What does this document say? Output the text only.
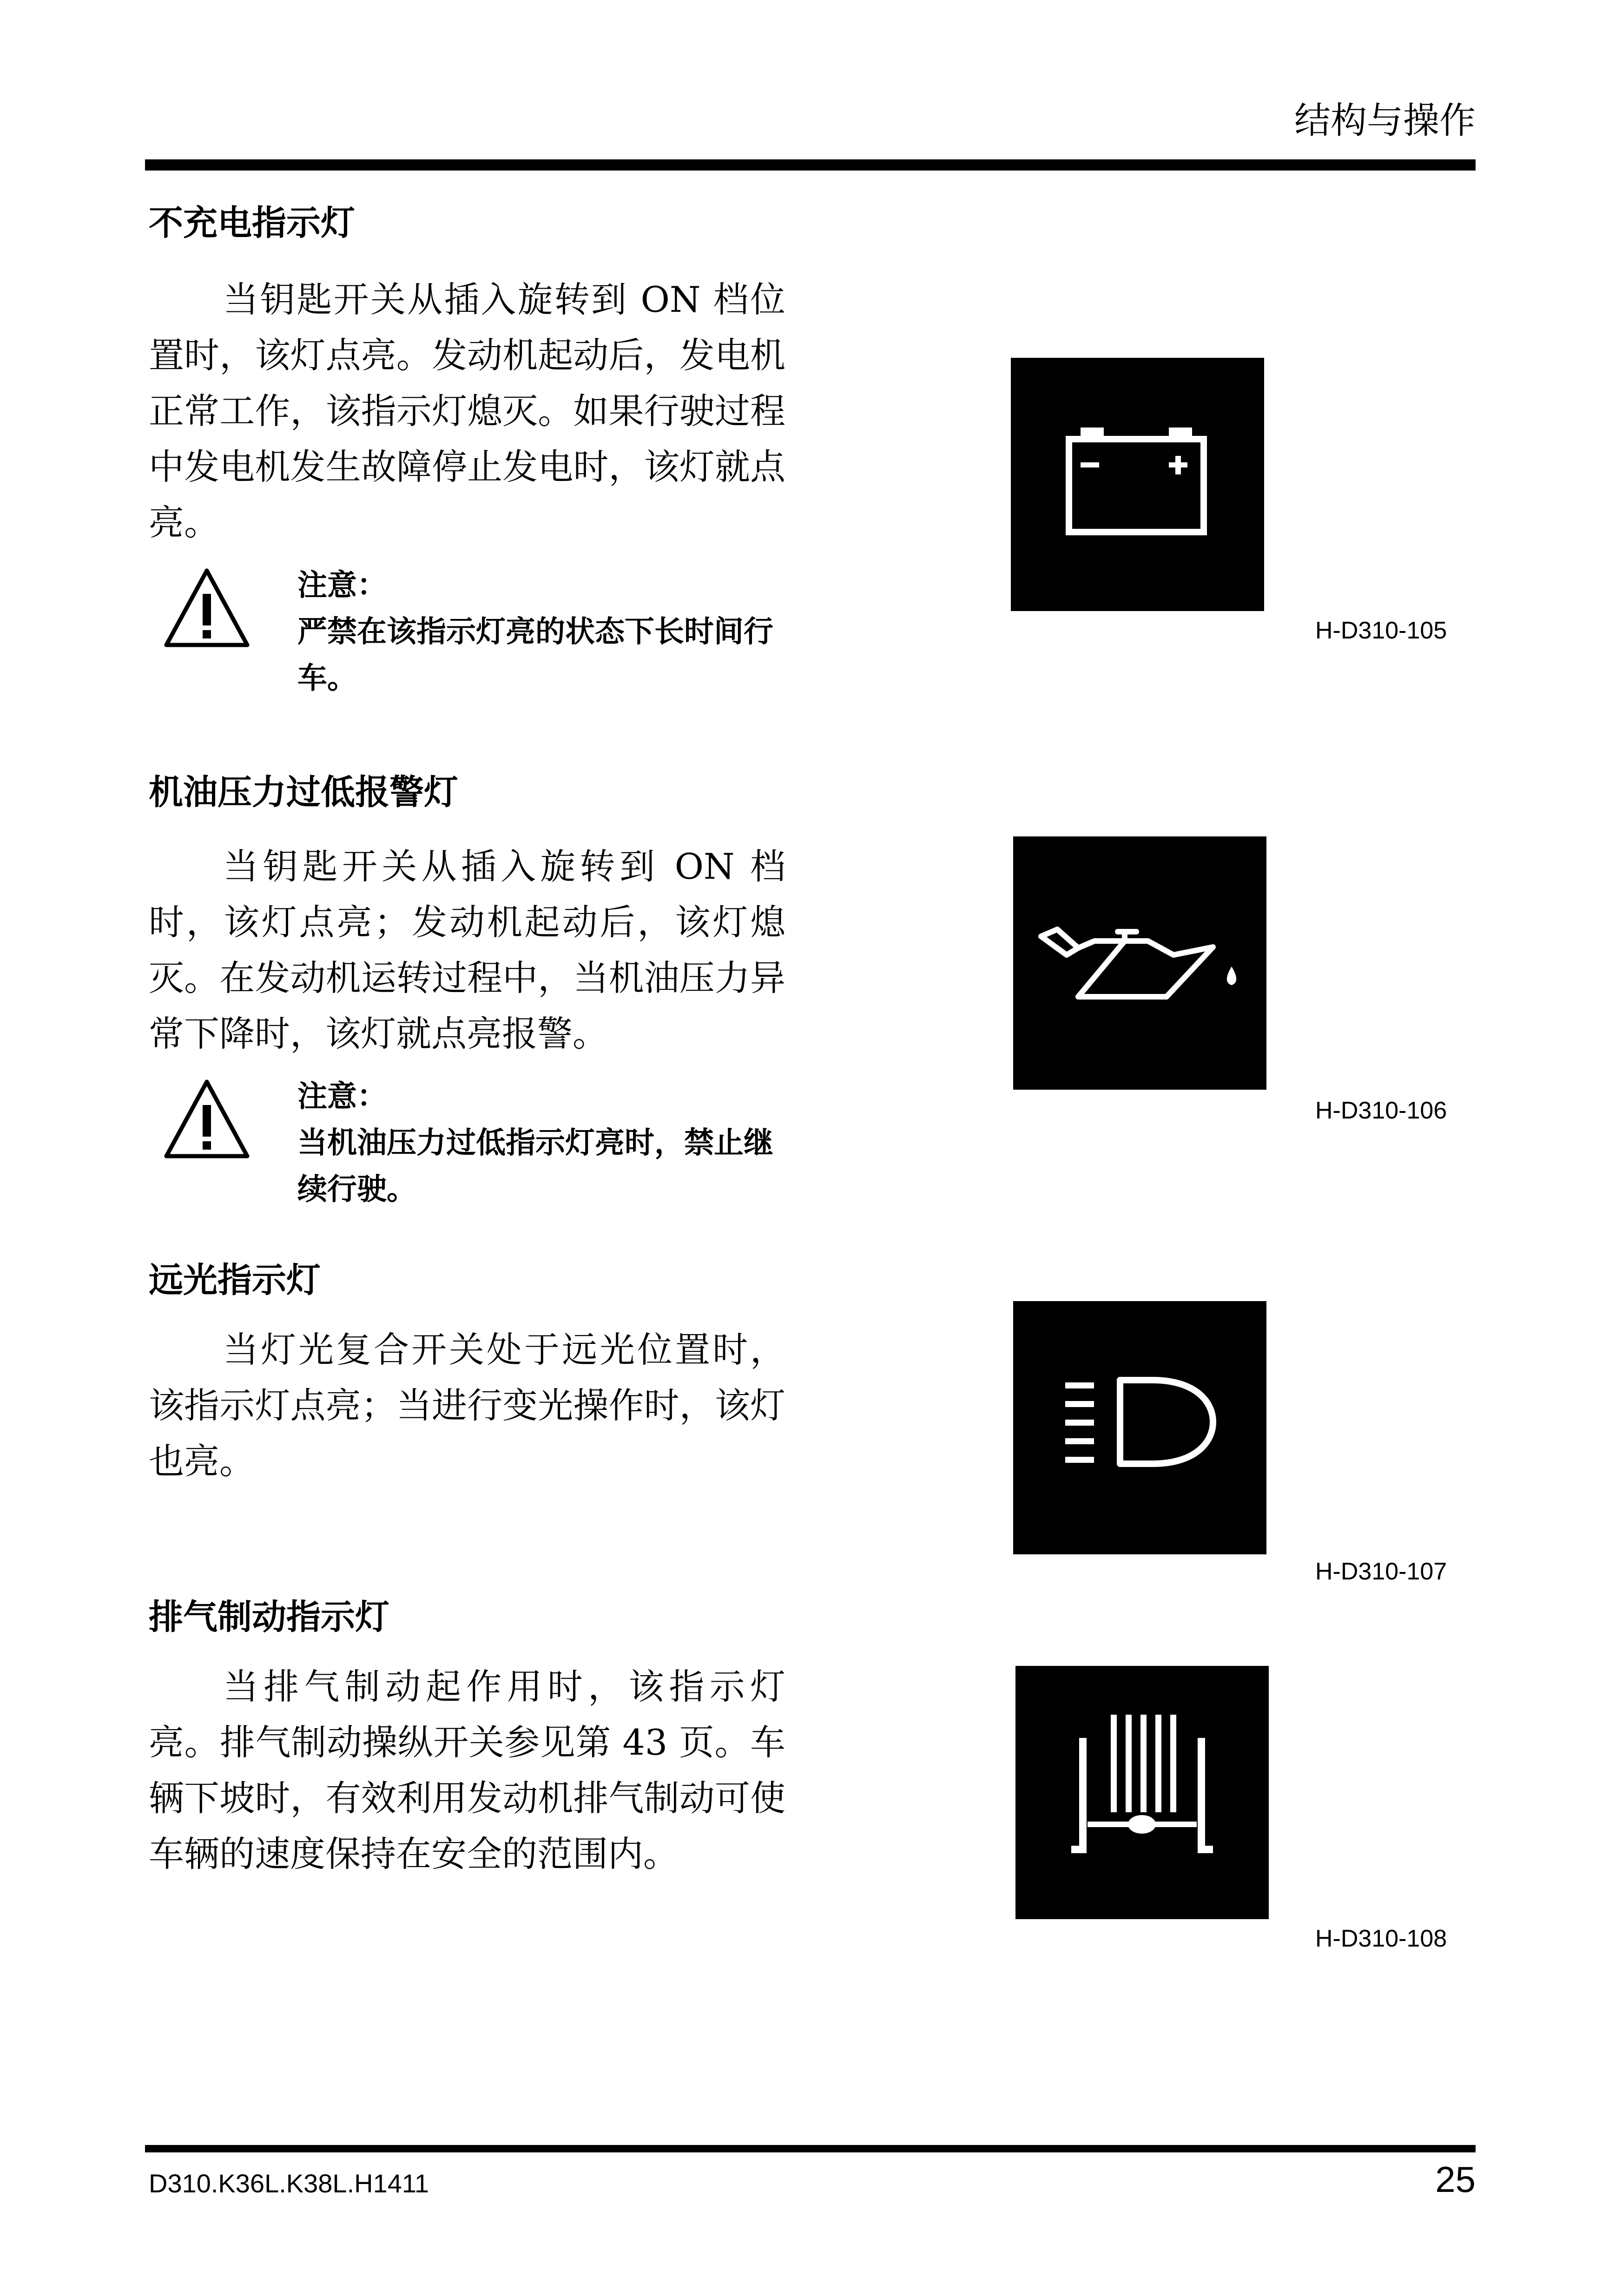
结构与操作
不充电指示灯
当钥匙开关从插入旋转到 ON 档位置时，该灯点亮。发动机起动后，发电机正常工作，该指示灯熄灭。如果行驶过程中发电机发生故障停止发电时，该灯就点亮。
注意：
严禁在该指示灯亮的状态下长时间行车。
H-D310-105
机油压力过低报警灯
当钥匙开关从插入旋转到 ON 档时，该灯点亮；发动机起动后，该灯熄灭。在发动机运转过程中，当机油压力异常下降时，该灯就点亮报警。
注意：
当机油压力过低指示灯亮时，禁止继续行驶。
H-D310-106
远光指示灯
当灯光复合开关处于远光位置时，该指示灯点亮；当进行变光操作时，该灯也亮。
H-D310-107
排气制动指示灯
当排气制动起作用时，该指示灯亮。排气制动操纵开关参见第 43 页。车辆下坡时，有效利用发动机排气制动可使车辆的速度保持在安全的范围内。
H-D310-108
D310.K36L.K38L.H1411	25
